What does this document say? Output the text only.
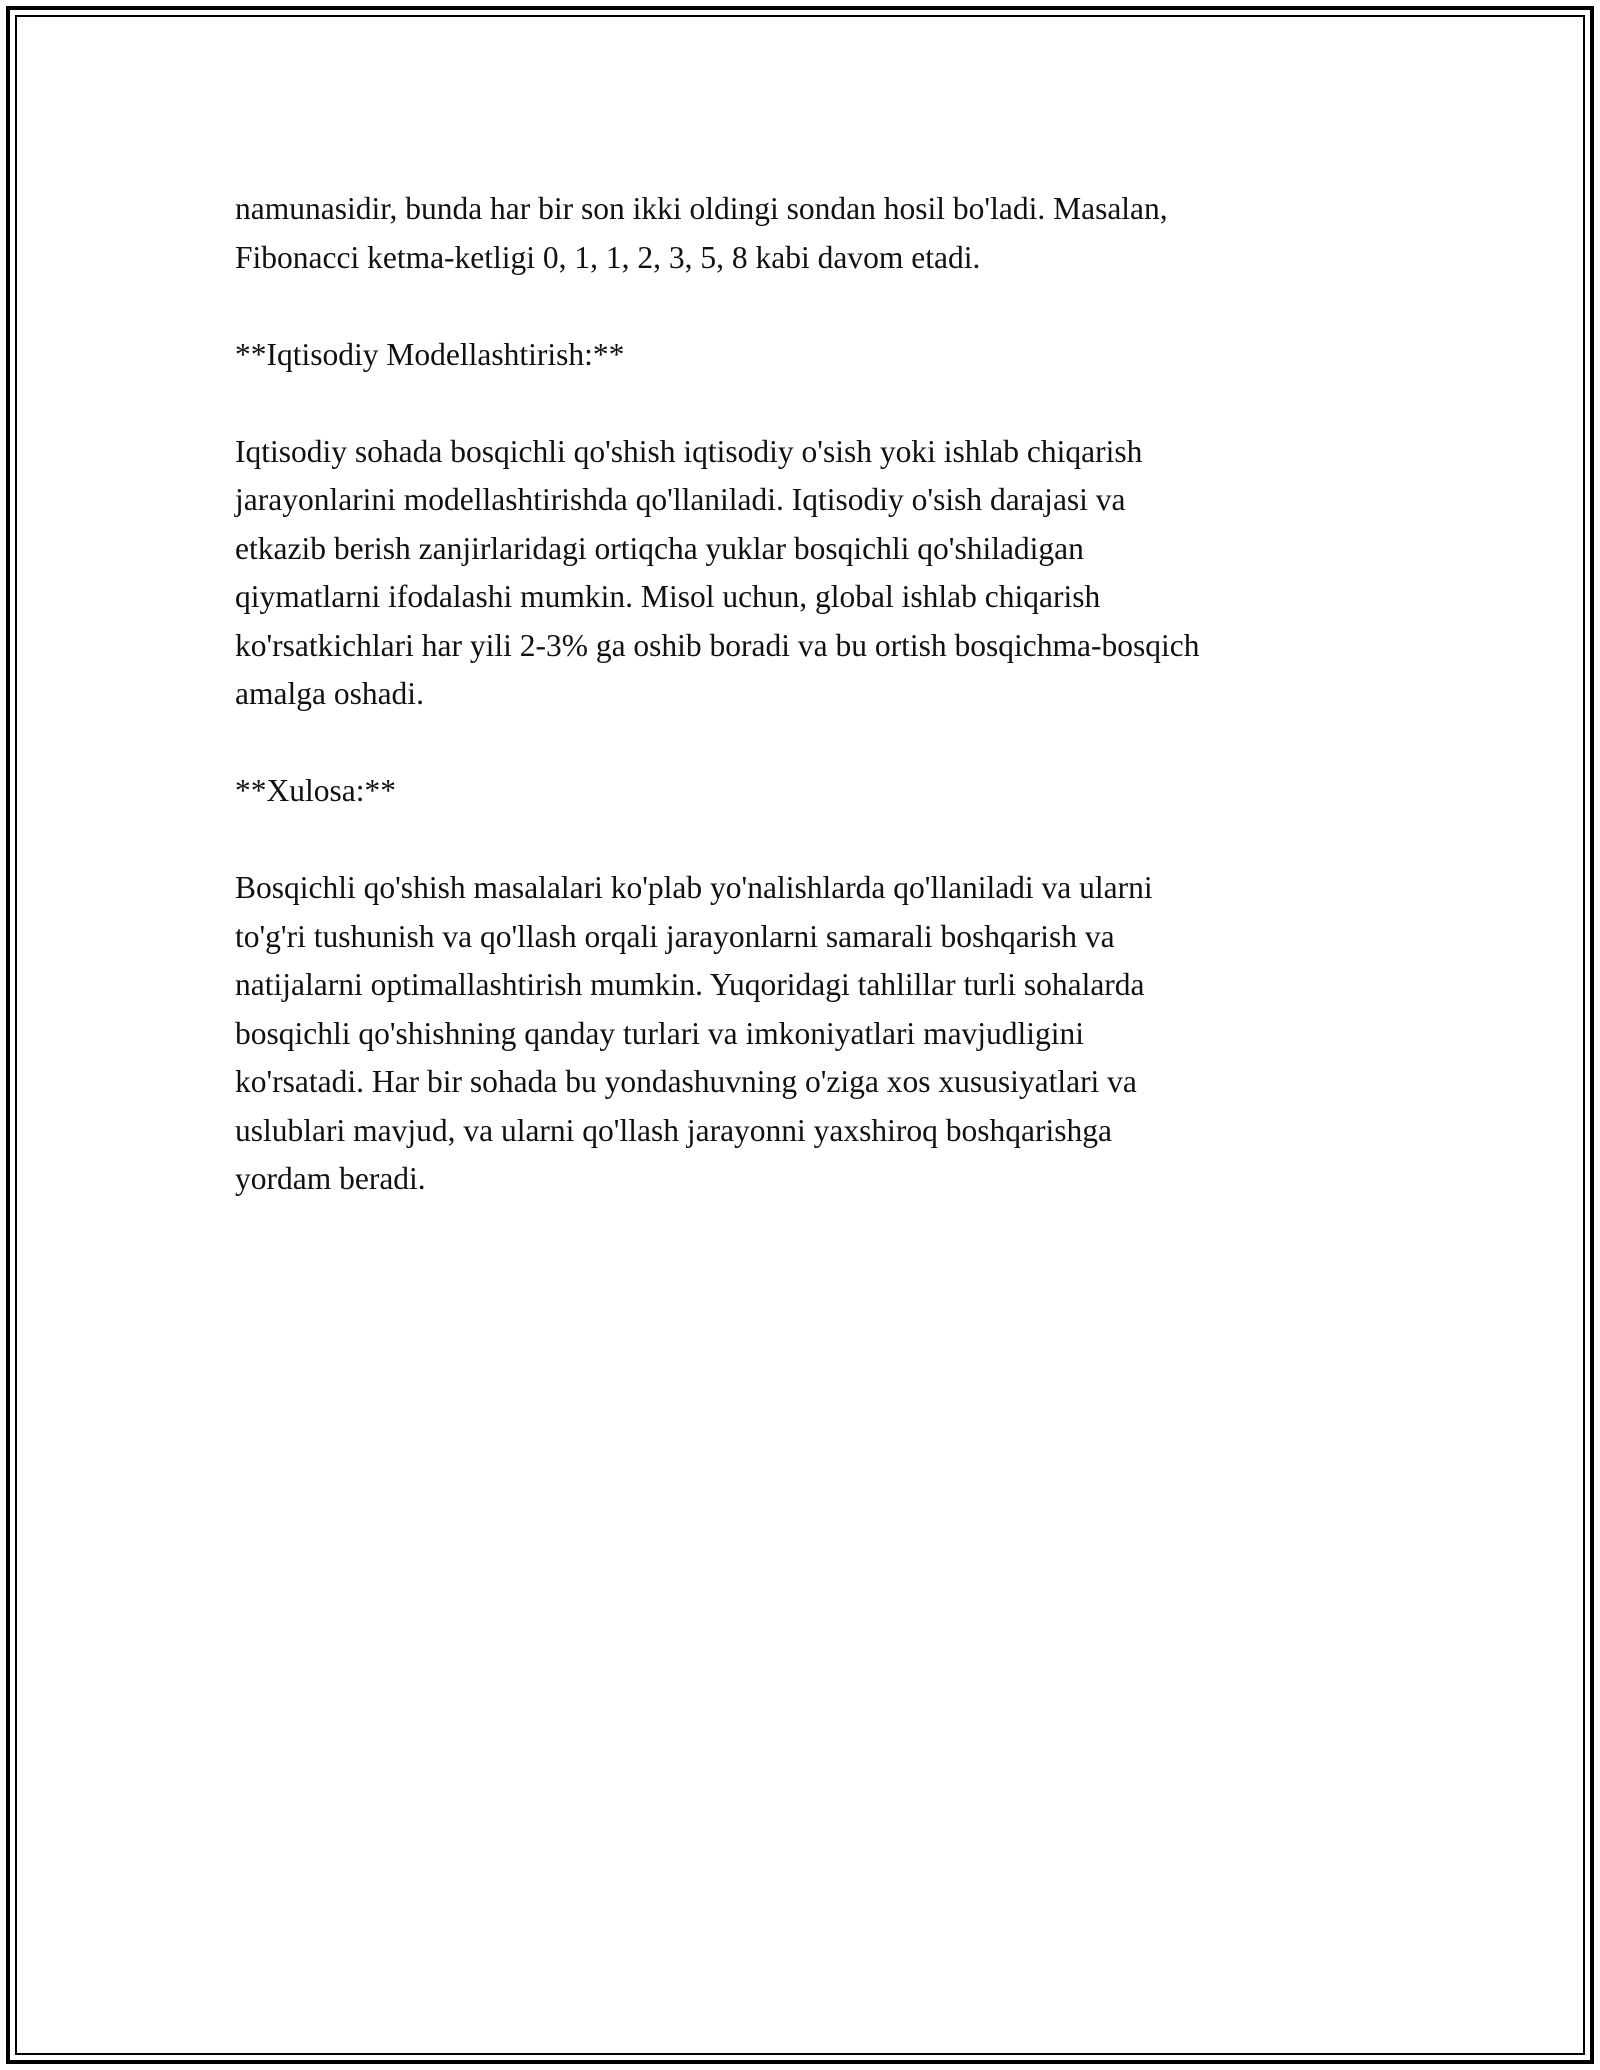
namunasidir, bunda har bir son ikki oldingi sondan hosil bo'ladi. Masalan,
Fibonacci ketma-ketligi 0, 1, 1, 2, 3, 5, 8 kabi davom etadi.

**Iqtisodiy Modellashtirish:**

Iqtisodiy sohada bosqichli qo'shish iqtisodiy o'sish yoki ishlab chiqarish
jarayonlarini modellashtirishda qo'llaniladi. Iqtisodiy o'sish darajasi va
etkazib berish zanjirlaridagi ortiqcha yuklar bosqichli qo'shiladigan
qiymatlarni ifodalashi mumkin. Misol uchun, global ishlab chiqarish
ko'rsatkichlari har yili 2-3% ga oshib boradi va bu ortish bosqichma-bosqich
amalga oshadi.

**Xulosa:**

Bosqichli qo'shish masalalari ko'plab yo'nalishlarda qo'llaniladi va ularni
to'g'ri tushunish va qo'llash orqali jarayonlarni samarali boshqarish va
natijalarni optimallashtirish mumkin. Yuqoridagi tahlillar turli sohalarda
bosqichli qo'shishning qanday turlari va imkoniyatlari mavjudligini
ko'rsatadi. Har bir sohada bu yondashuvning o'ziga xos xususiyatlari va
uslublari mavjud, va ularni qo'llash jarayonni yaxshiroq boshqarishga
yordam beradi.
